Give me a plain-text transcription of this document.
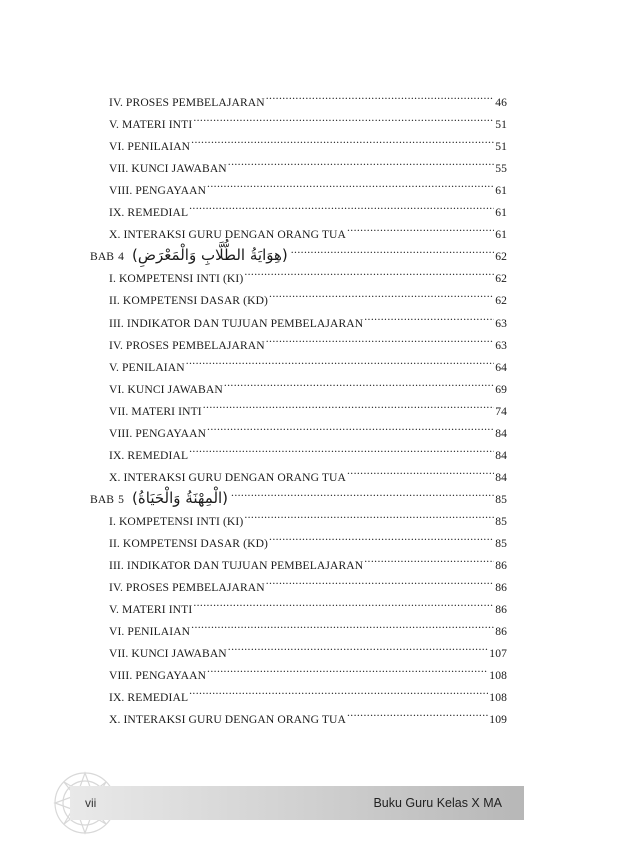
IV. PROSES PEMBELAJARAN .....	46
V. MATERI INTI .....	51
VI. PENILAIAN .....	51
VII. KUNCI JAWABAN .....	55
VIII. PENGAYAAN .....	61
IX. REMEDIAL .....	61
X. INTERAKSI GURU DENGAN ORANG TUA .....	61
BAB 4 (هِوَايَةُ الطُّلَّابِ وَالْمَعْرَضِ) .....	62
I. KOMPETENSI INTI (KI) .....	62
II. KOMPETENSI DASAR (KD) .....	62
III. INDIKATOR DAN TUJUAN PEMBELAJARAN .....	63
IV. PROSES PEMBELAJARAN .....	63
V. PENILAIAN .....	64
VI. KUNCI JAWABAN .....	69
VII. MATERI INTI .....	74
VIII. PENGAYAAN .....	84
IX. REMEDIAL .....	84
X. INTERAKSI GURU DENGAN ORANG TUA .....	84
BAB 5 (الْمِهْنَةُ وَالْحَيَاةُ) .....	85
I. KOMPETENSI INTI (KI) .....	85
II. KOMPETENSI DASAR (KD) .....	85
III. INDIKATOR DAN TUJUAN PEMBELAJARAN .....	86
IV. PROSES PEMBELAJARAN .....	86
V. MATERI INTI .....	86
VI. PENILAIAN .....	86
VII. KUNCI JAWABAN .....	107
VIII. PENGAYAAN .....	108
IX. REMEDIAL .....	108
X. INTERAKSI GURU DENGAN ORANG TUA .....	109
vii	Buku Guru Kelas X MA
